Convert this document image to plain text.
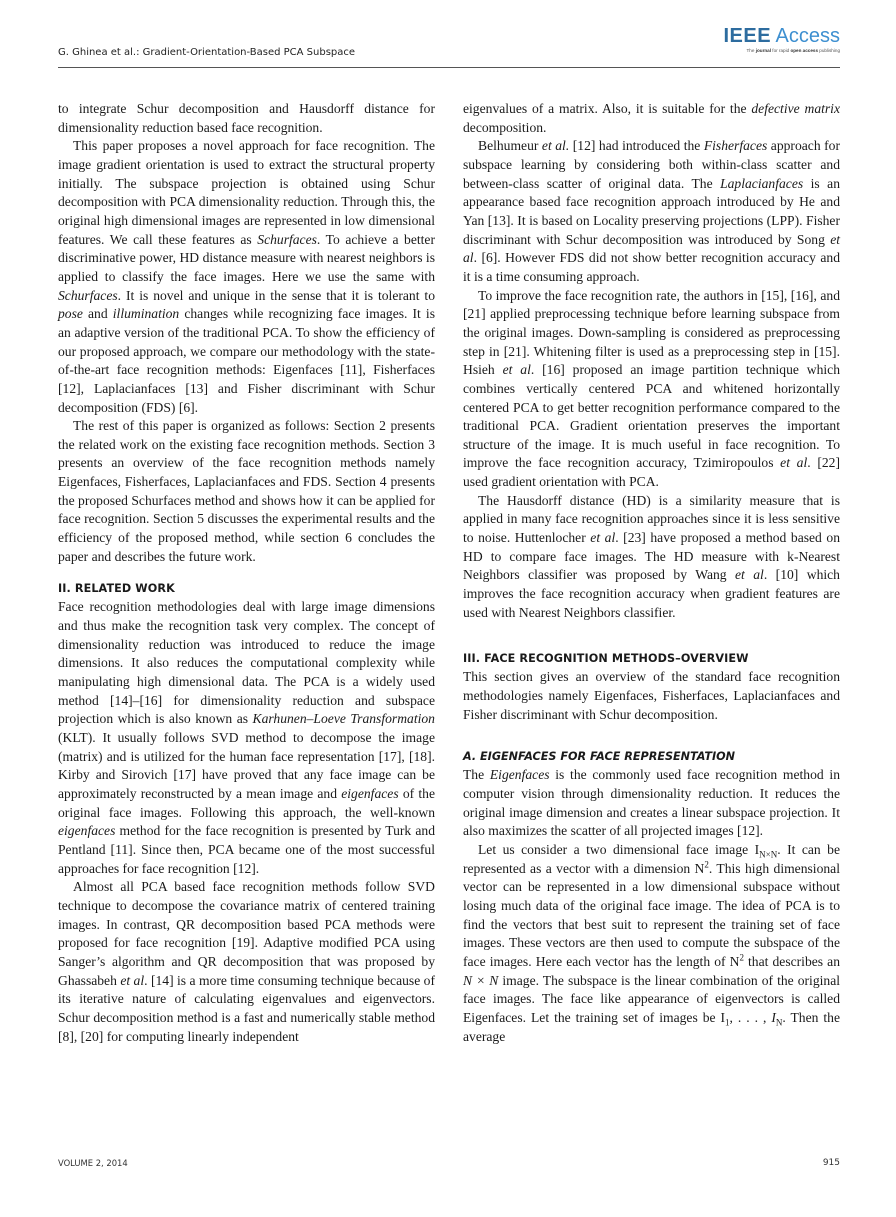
G. Ghinea et al.: Gradient-Orientation-Based PCA Subspace
IEEE Access
The journal for rapid open access publishing

to integrate Schur decomposition and Hausdorff distance for dimensionality reduction based face recognition.

This paper proposes a novel approach for face recognition. The image gradient orientation is used to extract the structural property initially. The subspace projection is obtained using Schur decomposition with PCA dimensionality reduction. Through this, the original high dimensional images are represented in low dimensional features. We call these features as Schurfaces. To achieve a better discriminative power, HD distance measure with nearest neighbors is applied to classify the face images. Here we use the same with Schurfaces. It is novel and unique in the sense that it is tolerant to pose and illumination changes while recognizing face images. It is an adaptive version of the traditional PCA. To show the efficiency of our proposed approach, we compare our methodology with the state-of-the-art face recognition methods: Eigenfaces [11], Fisherfaces [12], Laplacianfaces [13] and Fisher discriminant with Schur decomposition (FDS) [6].

The rest of this paper is organized as follows: Section 2 presents the related work on the existing face recognition methods. Section 3 presents an overview of the face recognition methods namely Eigenfaces, Fisherfaces, Laplacianfaces and FDS. Section 4 presents the proposed Schurfaces method and shows how it can be applied for face recognition. Section 5 discusses the experimental results and the efficiency of the proposed method, while section 6 concludes the paper and describes the future work.

II. RELATED WORK

Face recognition methodologies deal with large image dimensions and thus make the recognition task very complex. The concept of dimensionality reduction was introduced to reduce the image dimensions. It also reduces the computational complexity while manipulating high dimensional data. The PCA is a widely used method [14]–[16] for dimensionality reduction and subspace projection which is also known as Karhunen–Loeve Transformation (KLT). It usually follows SVD method to decompose the image (matrix) and is utilized for the human face representation [17], [18]. Kirby and Sirovich [17] have proved that any face image can be approximately reconstructed by a mean image and eigenfaces of the original face images. Following this approach, the well-known eigenfaces method for the face recognition is presented by Turk and Pentland [11]. Since then, PCA became one of the most successful approaches for face recognition [12].

Almost all PCA based face recognition methods follow SVD technique to decompose the covariance matrix of centered training images. In contrast, QR decomposition based PCA methods were proposed for face recognition [19]. Adaptive modified PCA using Sanger’s algorithm and QR decomposition that was proposed by Ghassabeh et al. [14] is a more time consuming technique because of its iterative nature of calculating eigenvalues and eigenvectors. Schur decomposition method is a fast and numerically stable method [8], [20] for computing linearly independent

eigenvalues of a matrix. Also, it is suitable for the defective matrix decomposition.

Belhumeur et al. [12] had introduced the Fisherfaces approach for subspace learning by considering both within-class scatter and between-class scatter of original data. The Laplacianfaces is an appearance based face recognition approach introduced by He and Yan [13]. It is based on Locality preserving projections (LPP). Fisher discriminant with Schur decomposition was introduced by Song et al. [6]. However FDS did not show better recognition accuracy and it is a time consuming approach.

To improve the face recognition rate, the authors in [15], [16], and [21] applied preprocessing technique before learning subspace from the original images. Down-sampling is considered as preprocessing step in [21]. Whitening filter is used as a preprocessing step in [15]. Hsieh et al. [16] proposed an image partition technique which combines vertically centered PCA and whitened horizontally centered PCA to get better recognition performance compared to the traditional PCA. Gradient orientation preserves the important structure of the image. It is much useful in face recognition. To improve the face recognition accuracy, Tzimiropoulos et al. [22] used gradient orientation with PCA.

The Hausdorff distance (HD) is a similarity measure that is applied in many face recognition approaches since it is less sensitive to noise. Huttenlocher et al. [23] have proposed a method based on HD to compare face images. The HD measure with k-Nearest Neighbors classifier was proposed by Wang et al. [10] which improves the face recognition accuracy when gradient features are used with Nearest Neighbors classifier.

III. FACE RECOGNITION METHODS–OVERVIEW

This section gives an overview of the standard face recognition methodologies namely Eigenfaces, Fisherfaces, Laplacianfaces and Fisher discriminant with Schur decomposition.

A. EIGENFACES FOR FACE REPRESENTATION

The Eigenfaces is the commonly used face recognition method in computer vision through dimensionality reduction. It reduces the original image dimension and creates a linear subspace projection. It also maximizes the scatter of all projected images [12].

Let us consider a two dimensional face image $I_{N\times N}$. It can be represented as a vector with a dimension $N^2$. This high dimensional vector can be represented in a low dimensional subspace without losing much data of the original face image. The idea of PCA is to find the vectors that best suit to represent the training set of face images. These vectors are then used to compute the subspace of the face images. Here each vector has the length of $N^2$ that describes an N × N image. The subspace is the linear combination of the original face images. The face like appearance of eigenvectors is called Eigenfaces. Let the training set of images be $I_1$, . . . , $I_N$. Then the average

VOLUME 2, 2014	915
